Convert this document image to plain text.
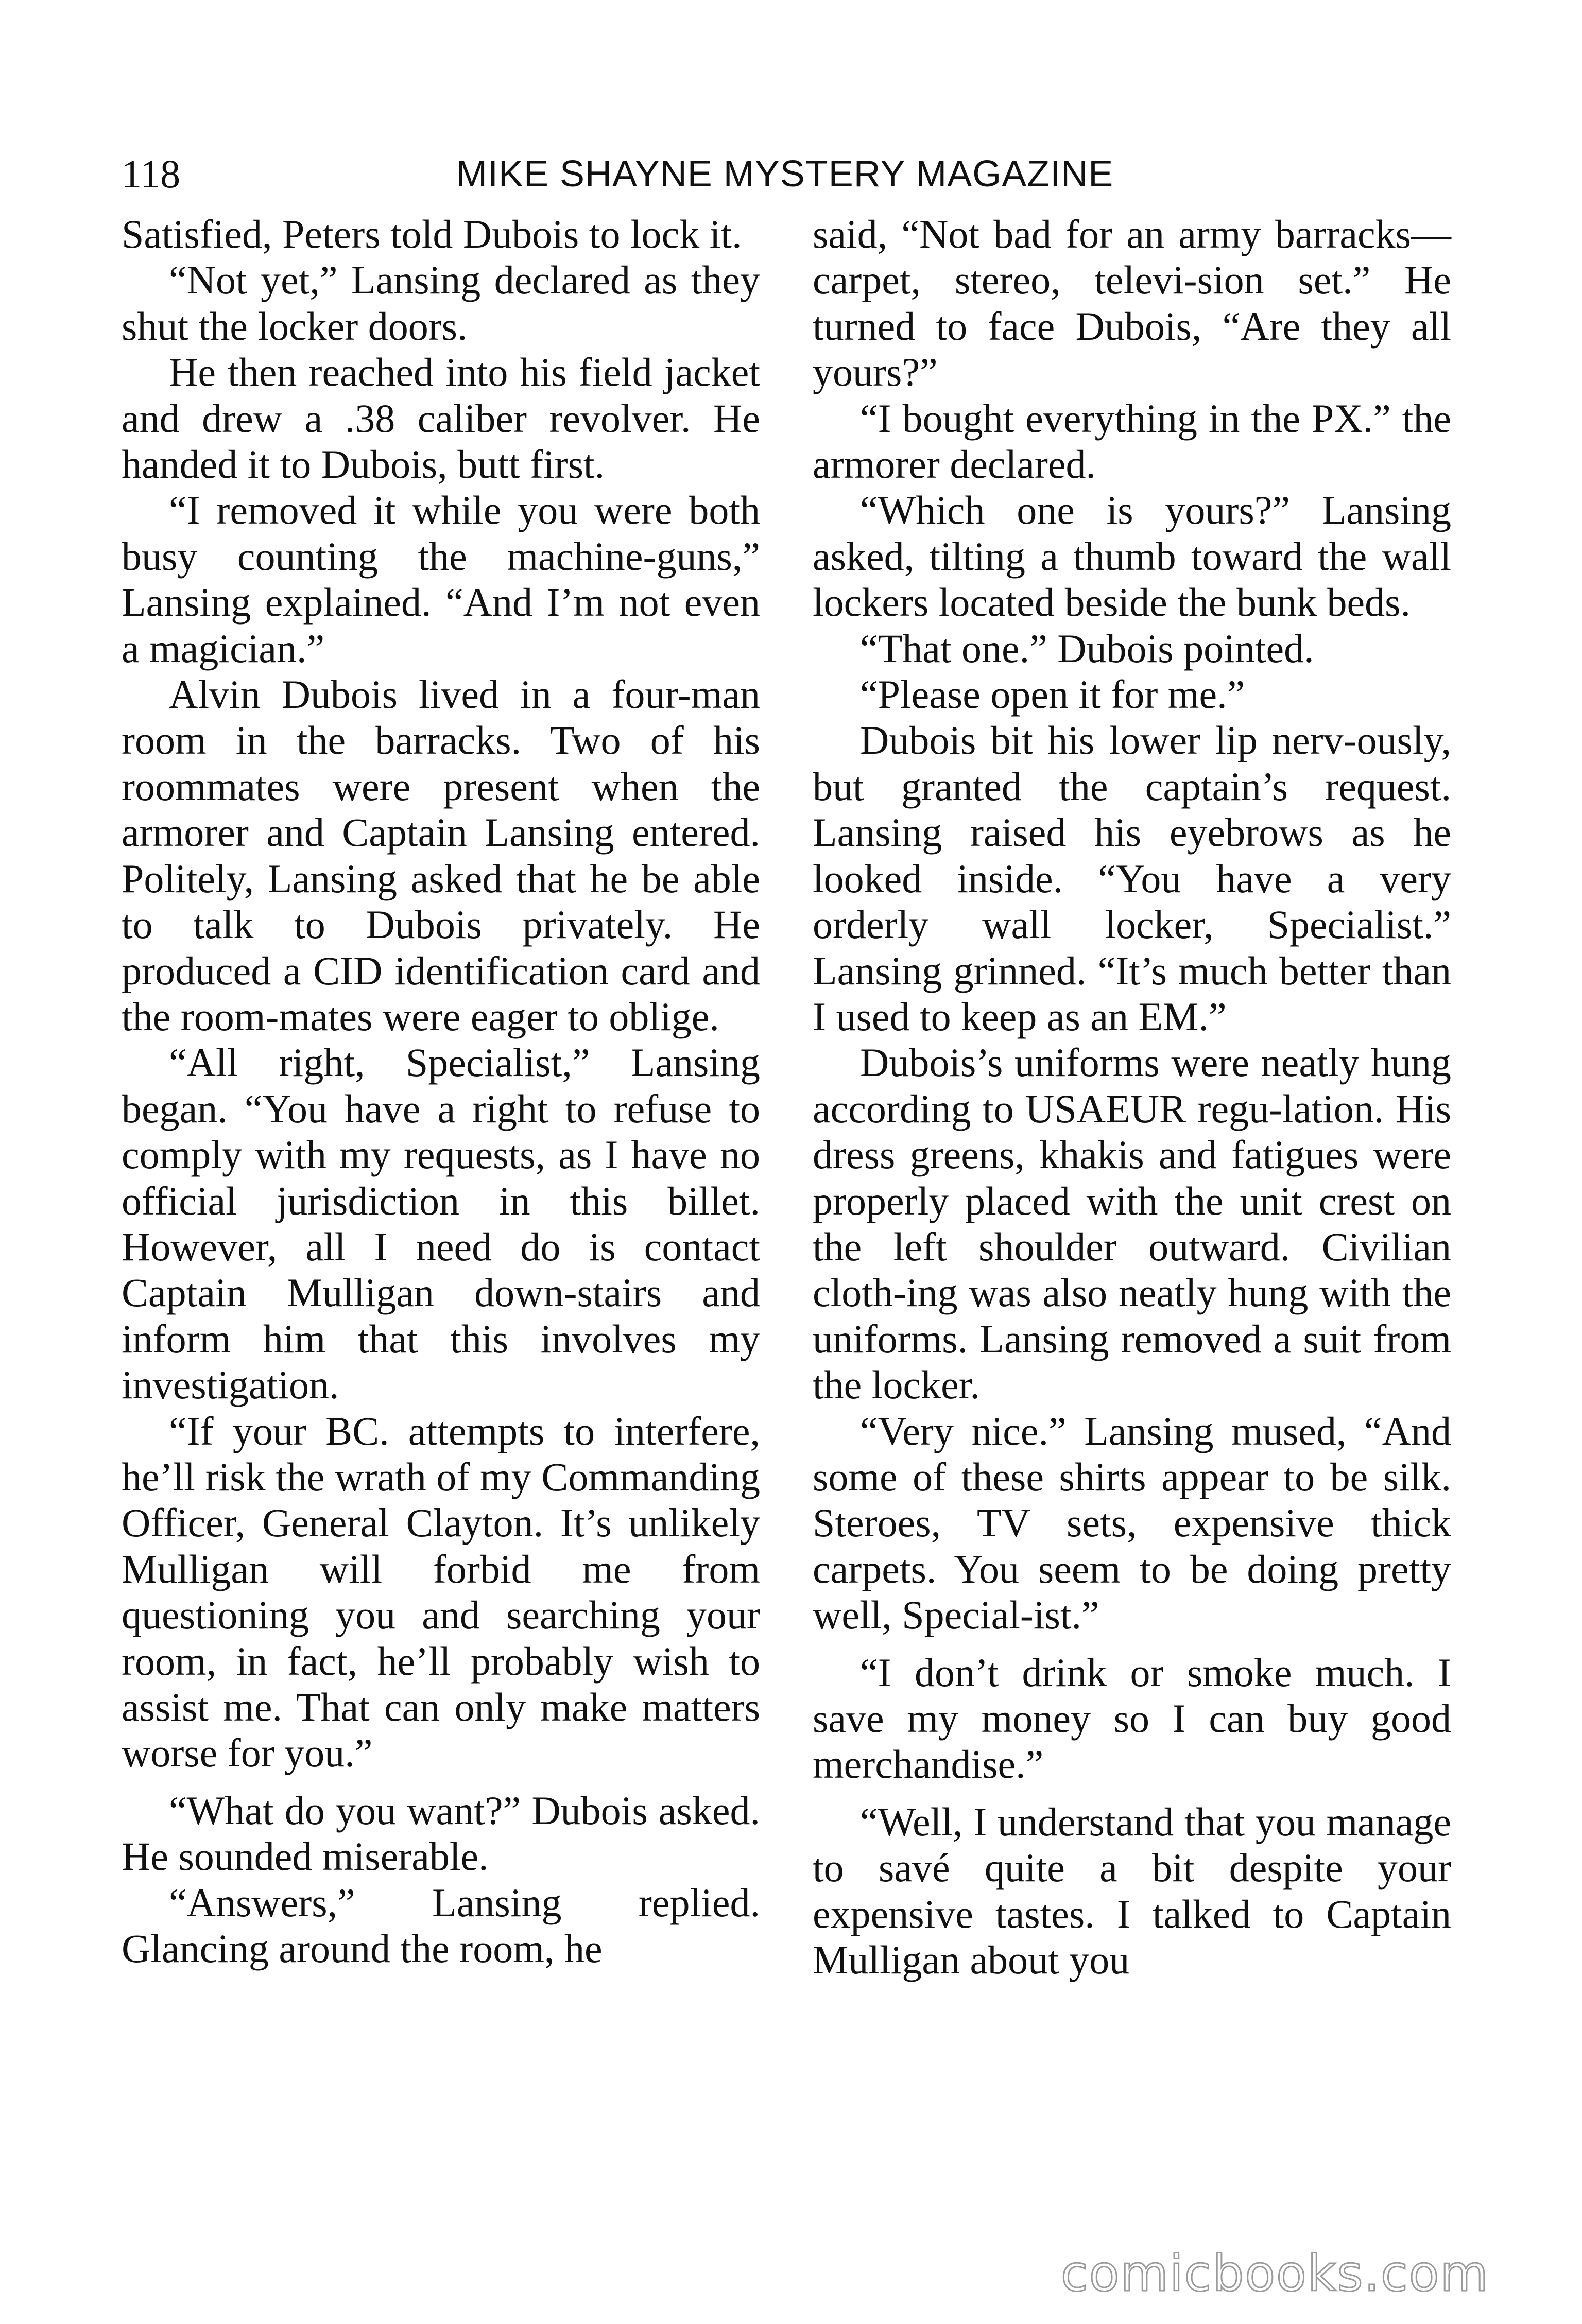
118	MIKE SHAYNE MYSTERY MAGAZINE

Satisfied, Peters told Dubois to lock it.

“Not yet,” Lansing declared as they shut the locker doors.

He then reached into his field jacket and drew a .38 caliber revolver. He handed it to Dubois, butt first.

“I removed it while you were both busy counting the machine-guns,” Lansing explained. “And I’m not even a magician.”

Alvin Dubois lived in a four-man room in the barracks. Two of his roommates were present when the armorer and Captain Lansing entered. Politely, Lansing asked that he be able to talk to Dubois privately. He produced a CID identification card and the room-mates were eager to oblige.

“All right, Specialist,” Lansing began. “You have a right to refuse to comply with my requests, as I have no official jurisdiction in this billet. However, all I need do is contact Captain Mulligan down-stairs and inform him that this involves my investigation.

“If your BC. attempts to interfere, he’ll risk the wrath of my Commanding Officer, General Clayton. It’s unlikely Mulligan will forbid me from questioning you and searching your room, in fact, he’ll probably wish to assist me. That can only make matters worse for you.”

“What do you want?” Dubois asked. He sounded miserable.

“Answers,” Lansing replied. Glancing around the room, he

said, “Not bad for an army barracks—carpet, stereo, televi-sion set.” He turned to face Dubois, “Are they all yours?”

“I bought everything in the PX.” the armorer declared.

“Which one is yours?” Lansing asked, tilting a thumb toward the wall lockers located beside the bunk beds.

“That one.” Dubois pointed.

“Please open it for me.”

Dubois bit his lower lip nerv-ously, but granted the captain’s request. Lansing raised his eyebrows as he looked inside. “You have a very orderly wall locker, Specialist.” Lansing grinned. “It’s much better than I used to keep as an EM.”

Dubois’s uniforms were neatly hung according to USAEUR regu-lation. His dress greens, khakis and fatigues were properly placed with the unit crest on the left shoulder outward. Civilian cloth-ing was also neatly hung with the uniforms. Lansing removed a suit from the locker.

“Very nice.” Lansing mused, “And some of these shirts appear to be silk. Steroes, TV sets, expensive thick carpets. You seem to be doing pretty well, Special-ist.”

“I don’t drink or smoke much. I save my money so I can buy good merchandise.”

“Well, I understand that you manage to savé quite a bit despite your expensive tastes. I talked to Captain Mulligan about you

comicbooks.com
